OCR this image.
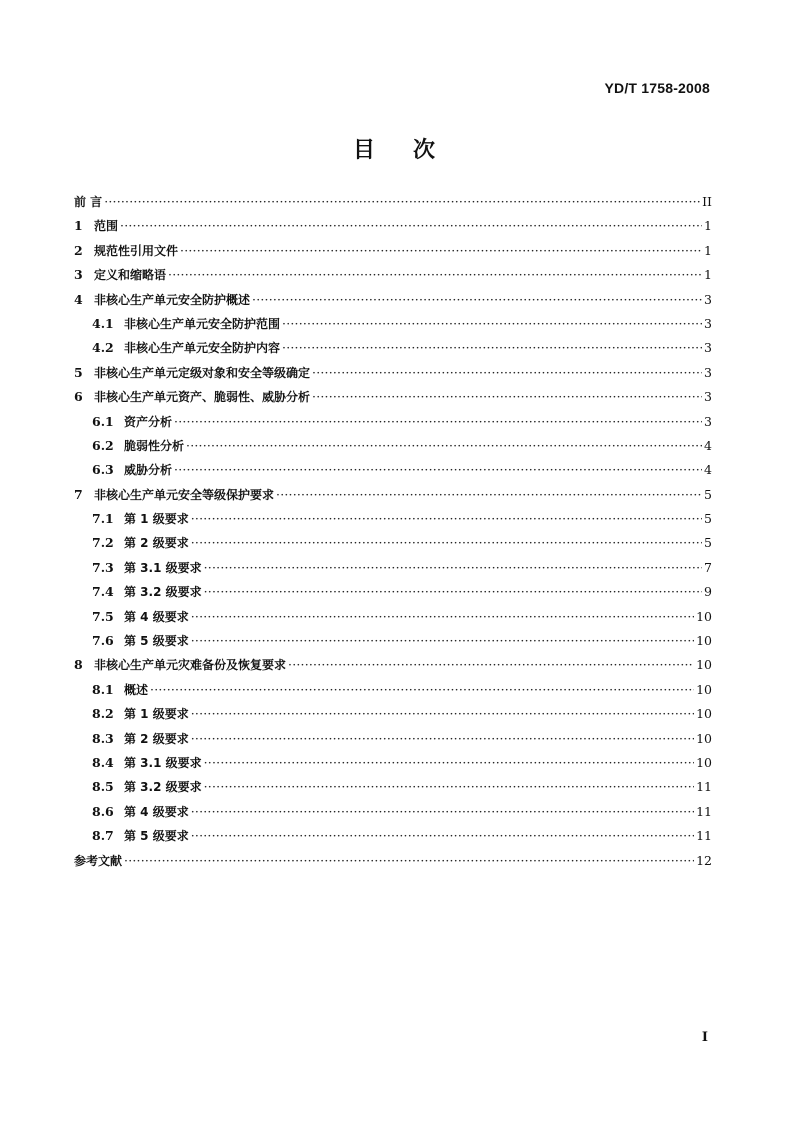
YD/T 1758-2008
目次
前 言 ·····	II
1 范围 ·····	1
2 规范性引用文件 ·····	1
3 定义和缩略语 ·····	1
4 非核心生产单元安全防护概述 ·····	3
4.1 非核心生产单元安全防护范围 ·····	3
4.2 非核心生产单元安全防护内容 ·····	3
5 非核心生产单元定级对象和安全等级确定 ·····	3
6 非核心生产单元资产、脆弱性、威胁分析 ·····	3
6.1 资产分析 ·····	3
6.2 脆弱性分析 ·····	4
6.3 威胁分析 ·····	4
7 非核心生产单元安全等级保护要求 ·····	5
7.1 第 1 级要求 ·····	5
7.2 第 2 级要求 ·····	5
7.3 第 3.1 级要求 ·····	7
7.4 第 3.2 级要求 ·····	9
7.5 第 4 级要求 ·····	10
7.6 第 5 级要求 ·····	10
8 非核心生产单元灾难备份及恢复要求 ·····	10
8.1 概述 ·····	10
8.2 第 1 级要求 ·····	10
8.3 第 2 级要求 ·····	10
8.4 第 3.1 级要求 ·····	10
8.5 第 3.2 级要求 ·····	11
8.6 第 4 级要求 ·····	11
8.7 第 5 级要求 ·····	11
参考文献 ·····	12
I
